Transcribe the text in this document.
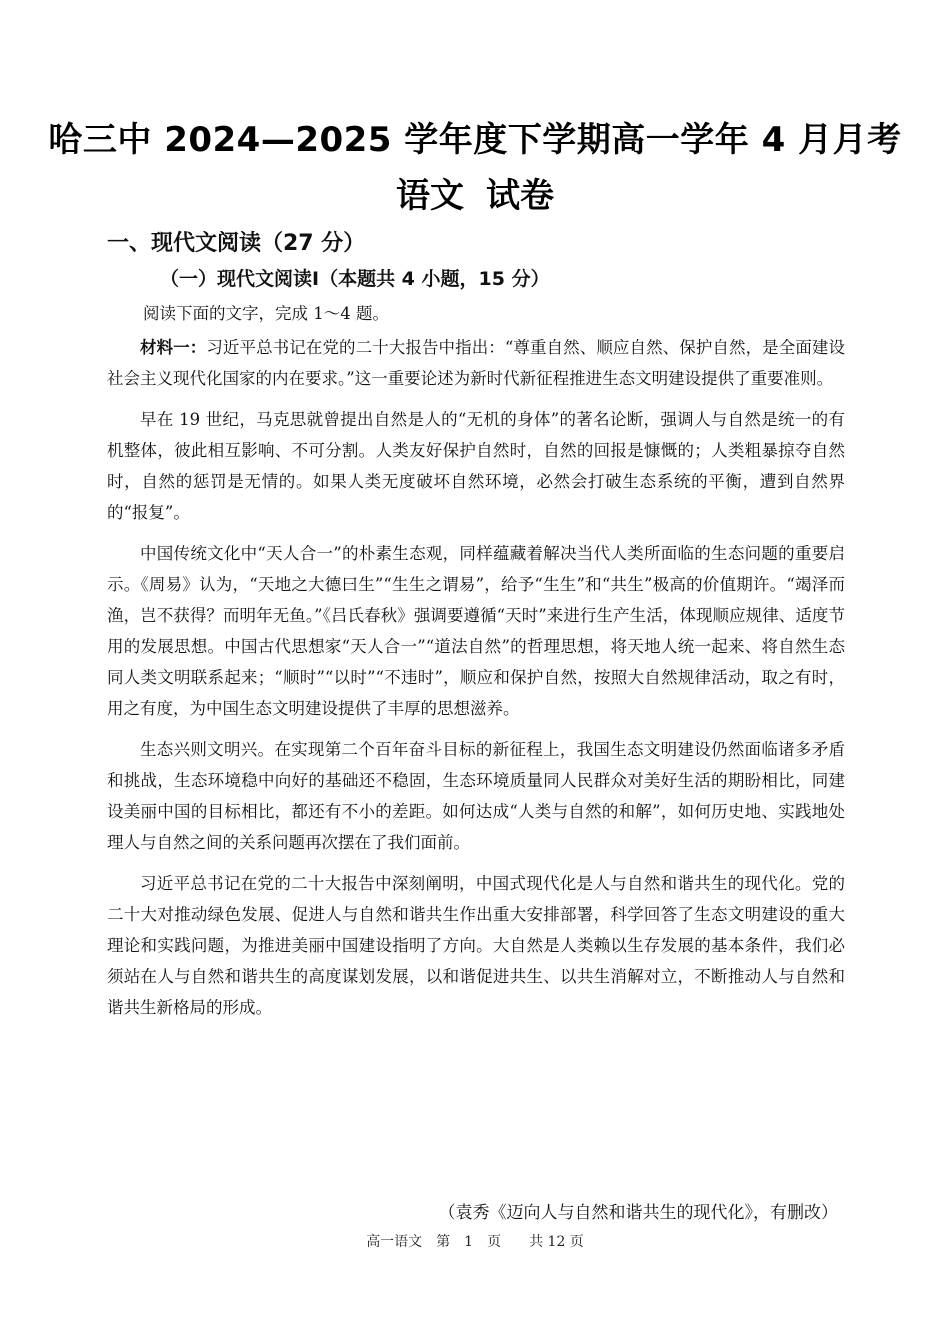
哈三中 2024—2025 学年度下学期高一学年 4 月月考
语文 试卷
一、现代文阅读（27 分）
（一）现代文阅读Ⅰ（本题共 4 小题，15 分）
阅读下面的文字，完成 1～4 题。

材料一：习近平总书记在党的二十大报告中指出：“尊重自然、顺应自然、保护自然，是全面建设社会主义现代化国家的内在要求。”这一重要论述为新时代新征程推进生态文明建设提供了重要准则。

早在 19 世纪，马克思就曾提出自然是人的“无机的身体”的著名论断，强调人与自然是统一的有机整体，彼此相互影响、不可分割。人类友好保护自然时，自然的回报是慷慨的；人类粗暴掠夺自然时，自然的惩罚是无情的。如果人类无度破坏自然环境，必然会打破生态系统的平衡，遭到自然界的“报复”。

中国传统文化中“天人合一”的朴素生态观，同样蕴藏着解决当代人类所面临的生态问题的重要启示。《周易》认为，“天地之大德曰生”“生生之谓易”，给予“生生”和“共生”极高的价值期许。“竭泽而渔，岂不获得？而明年无鱼。”《吕氏春秋》强调要遵循“天时”来进行生产生活，体现顺应规律、适度节用的发展思想。中国古代思想家“天人合一”“道法自然”的哲理思想，将天地人统一起来、将自然生态同人类文明联系起来；“顺时”“以时”“不违时”，顺应和保护自然，按照大自然规律活动，取之有时，用之有度，为中国生态文明建设提供了丰厚的思想滋养。

生态兴则文明兴。在实现第二个百年奋斗目标的新征程上，我国生态文明建设仍然面临诸多矛盾和挑战，生态环境稳中向好的基础还不稳固，生态环境质量同人民群众对美好生活的期盼相比，同建设美丽中国的目标相比，都还有不小的差距。如何达成“人类与自然的和解”，如何历史地、实践地处理人与自然之间的关系问题再次摆在了我们面前。

习近平总书记在党的二十大报告中深刻阐明，中国式现代化是人与自然和谐共生的现代化。党的二十大对推动绿色发展、促进人与自然和谐共生作出重大安排部署，科学回答了生态文明建设的重大理论和实践问题，为推进美丽中国建设指明了方向。大自然是人类赖以生存发展的基本条件，我们必须站在人与自然和谐共生的高度谋划发展，以和谐促进共生、以共生消解对立，不断推动人与自然和谐共生新格局的形成。

（袁秀《迈向人与自然和谐共生的现代化》，有删改）
高一语文　第　1　页　　共 12 页
